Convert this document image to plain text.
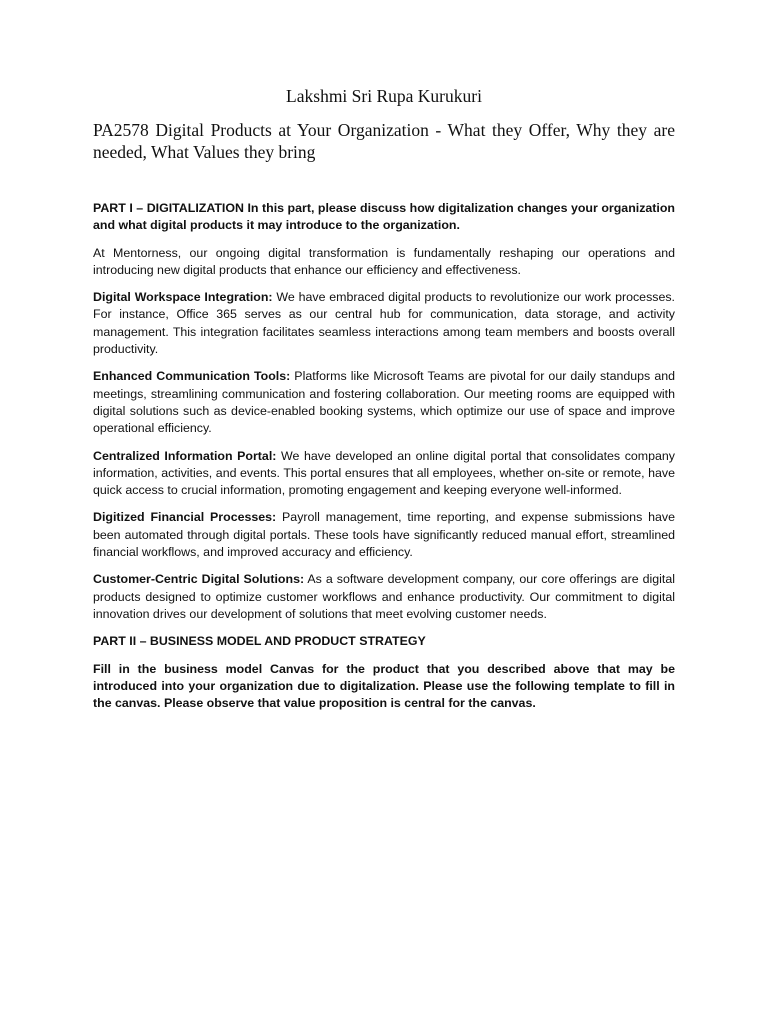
Lakshmi Sri Rupa Kurukuri
PA2578 Digital Products at Your Organization - What they Offer, Why they are needed, What Values they bring

PART I – DIGITALIZATION In this part, please discuss how digitalization changes your organization and what digital products it may introduce to the organization.

At Mentorness, our ongoing digital transformation is fundamentally reshaping our operations and introducing new digital products that enhance our efficiency and effectiveness.

Digital Workspace Integration: We have embraced digital products to revolutionize our work processes. For instance, Office 365 serves as our central hub for communication, data storage, and activity management. This integration facilitates seamless interactions among team members and boosts overall productivity.

Enhanced Communication Tools: Platforms like Microsoft Teams are pivotal for our daily standups and meetings, streamlining communication and fostering collaboration. Our meeting rooms are equipped with digital solutions such as device-enabled booking systems, which optimize our use of space and improve operational efficiency.

Centralized Information Portal: We have developed an online digital portal that consolidates company information, activities, and events. This portal ensures that all employees, whether on-site or remote, have quick access to crucial information, promoting engagement and keeping everyone well-informed.

Digitized Financial Processes: Payroll management, time reporting, and expense submissions have been automated through digital portals. These tools have significantly reduced manual effort, streamlined financial workflows, and improved accuracy and efficiency.

Customer-Centric Digital Solutions: As a software development company, our core offerings are digital products designed to optimize customer workflows and enhance productivity. Our commitment to digital innovation drives our development of solutions that meet evolving customer needs.

PART II – BUSINESS MODEL AND PRODUCT STRATEGY

Fill in the business model Canvas for the product that you described above that may be introduced into your organization due to digitalization. Please use the following template to fill in the canvas. Please observe that value proposition is central for the canvas.
